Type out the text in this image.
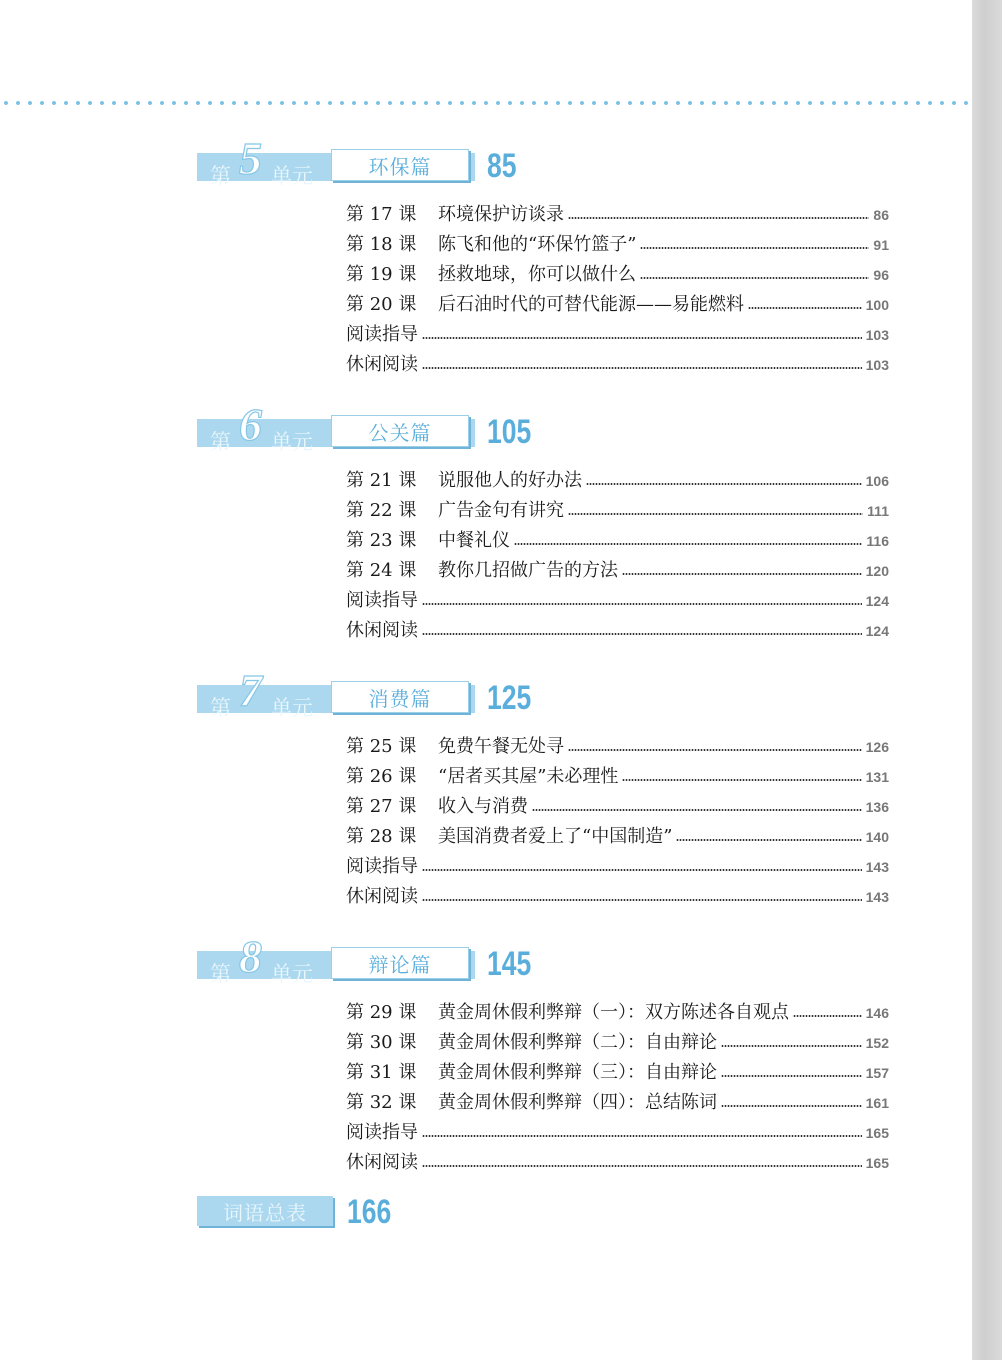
第 5 单元	环保篇 85
第 17 课	环境保护访谈录	86
第 18 课	陈飞和他的“环保竹篮子”	91
第 19 课	拯救地球，你可以做什么	96
第 20 课	后石油时代的可替代能源——易能燃料	100
阅读指导	103
休闲阅读	103
第 6 单元	公关篇 105
第 21 课	说服他人的好办法	106
第 22 课	广告金句有讲究	111
第 23 课	中餐礼仪	116
第 24 课	教你几招做广告的方法	120
阅读指导	124
休闲阅读	124
第 7 单元	消费篇 125
第 25 课	免费午餐无处寻	126
第 26 课	“居者买其屋”未必理性	131
第 27 课	收入与消费	136
第 28 课	美国消费者爱上了“中国制造”	140
阅读指导	143
休闲阅读	143
第 8 单元	辩论篇 145
第 29 课	黄金周休假利弊辩（一）：双方陈述各自观点	146
第 30 课	黄金周休假利弊辩（二）：自由辩论	152
第 31 课	黄金周休假利弊辩（三）：自由辩论	157
第 32 课	黄金周休假利弊辩（四）：总结陈词	161
阅读指导	165
休闲阅读	165
词语总表 166
